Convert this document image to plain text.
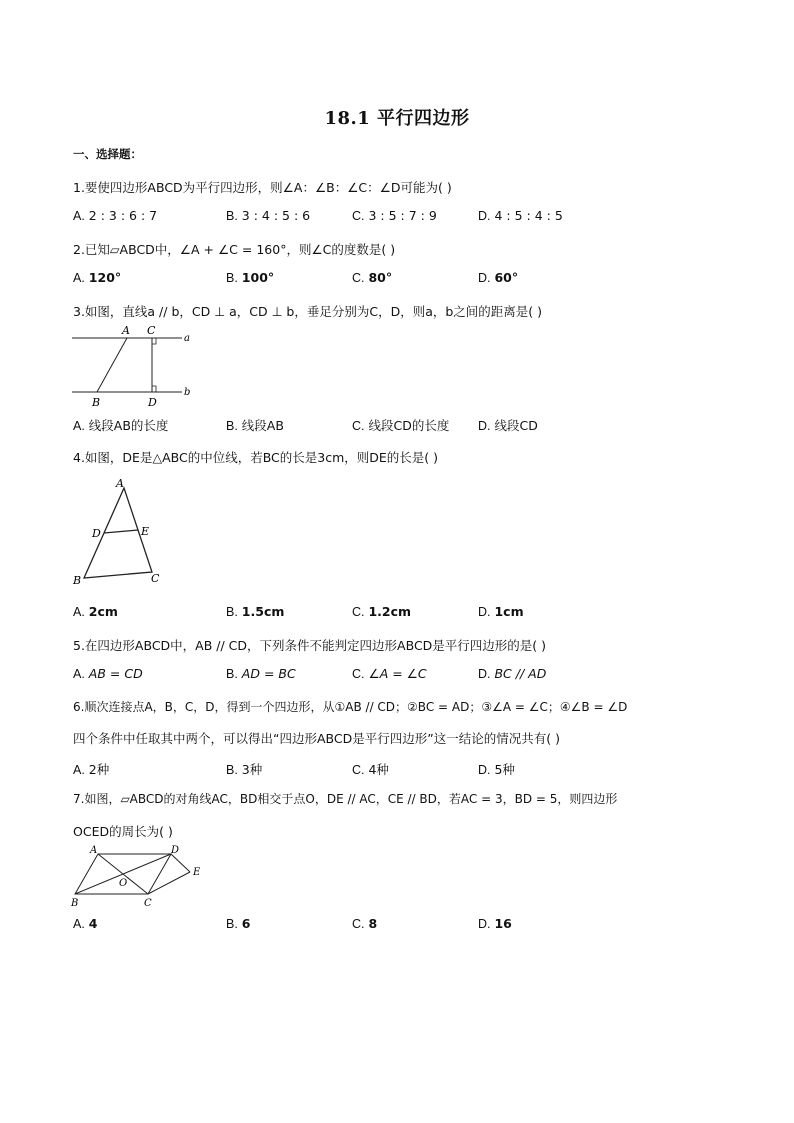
18.1 平行四边形
一、选择题：
1.要使四边形ABCD为平行四边形，则∠A：∠B：∠C：∠D可能为( )
A. 2 : 3 : 6 : 7	B. 3 : 4 : 5 : 6	C. 3 : 5 : 7 : 9	D. 4 : 5 : 4 : 5
2.已知▱ABCD中，∠A + ∠C = 160°，则∠C的度数是( )
A. 120°	B. 100°	C. 80°	D. 60°
3.如图，直线a // b，CD ⊥ a，CD ⊥ b，垂足分别为C，D，则a，b之间的距离是( )
A C
a
B	D
b
A. 线段AB的长度	B. 线段AB	C. 线段CD的长度 D. 线段CD
4.如图，DE是△ABC的中位线，若BC的长是3cm，则DE的长是( )
A
D	E
B	C
A. 2cm	B. 1.5cm	C. 1.2cm	D. 1cm
5.在四边形ABCD中，AB // CD，下列条件不能判定四边形ABCD是平行四边形的是( )
A. AB = CD	B. AD = BC	C. ∠A = ∠C	D. BC // AD
6.顺次连接点A，B，C，D，得到一个四边形，从①AB // CD；②BC = AD；③∠A = ∠C；④∠B = ∠D
四个条件中任取其中两个，可以得出“四边形ABCD是平行四边形”这一结论的情况共有( )
A. 2种	B. 3种	C. 4种	D. 5种
7.如图，▱ABCD的对角线AC，BD相交于点O，DE // AC，CE // BD，若AC = 3，BD = 5，则四边形
OCED的周长为( )
A	D
E
O
B	C
A. 4	B. 6	C. 8	D. 16
